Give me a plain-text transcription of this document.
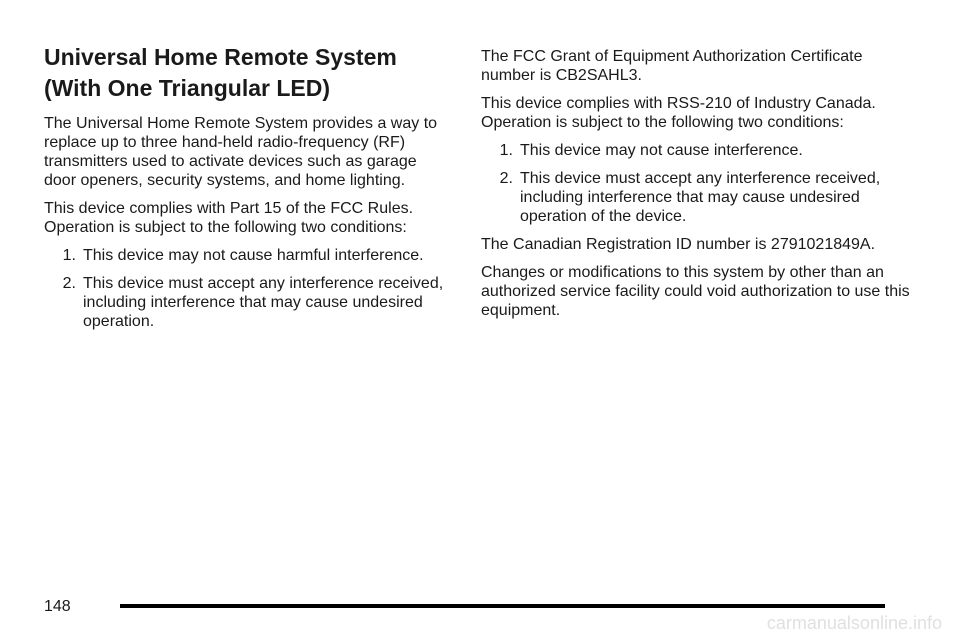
Universal Home Remote System
(With One Triangular LED)

The Universal Home Remote System provides a way to replace up to three hand-held radio-frequency (RF) transmitters used to activate devices such as garage door openers, security systems, and home lighting.

This device complies with Part 15 of the FCC Rules. Operation is subject to the following two conditions:

1. This device may not cause harmful interference.
2. This device must accept any interference received, including interference that may cause undesired operation.

The FCC Grant of Equipment Authorization Certificate number is CB2SAHL3.

This device complies with RSS-210 of Industry Canada. Operation is subject to the following two conditions:

1. This device may not cause interference.
2. This device must accept any interference received, including interference that may cause undesired operation of the device.

The Canadian Registration ID number is 2791021849A.

Changes or modifications to this system by other than an authorized service facility could void authorization to use this equipment.

148
carmanualsonline.info
